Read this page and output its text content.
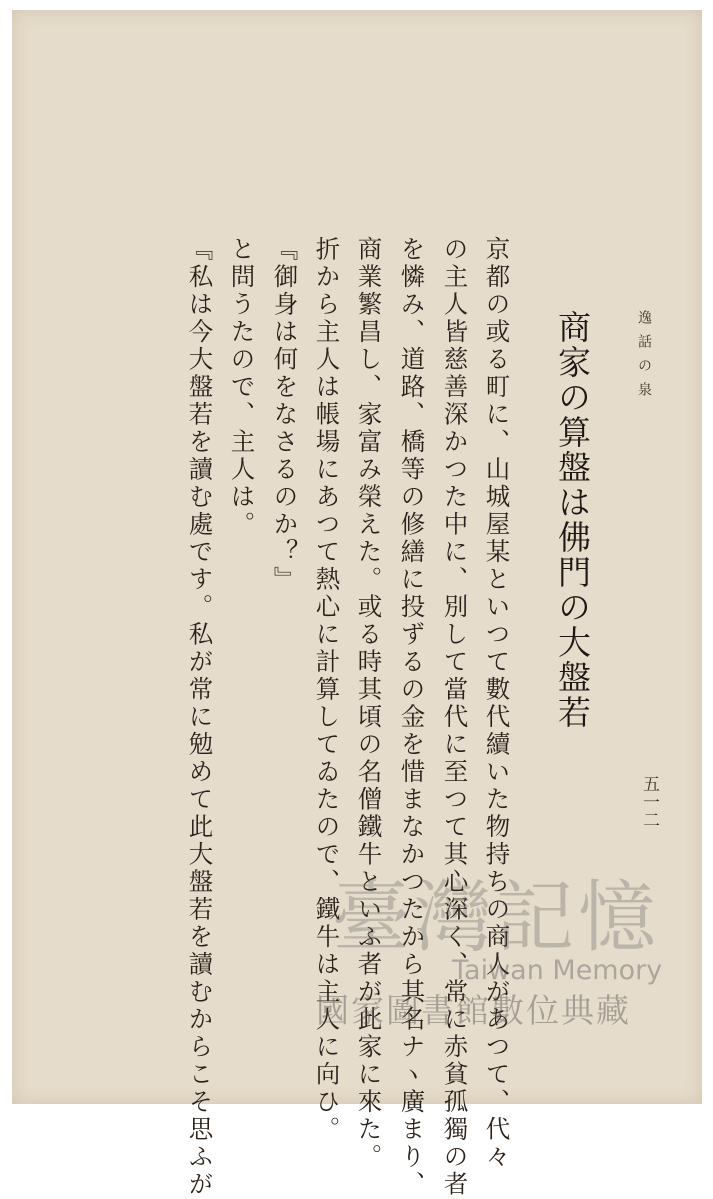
逸話の泉
五一二
商家の算盤は佛門の大盤若
京都の或る町に、山城屋某といつて數代續いた物持ちの商人があつて、代々
の主人皆慈善深かつた中に、別して當代に至つて其心深く、常に赤貧孤獨の者
を憐み、道路、橋等の修繕に投ずるの金を惜まなかつたから其名ナヽ廣まり、
商業繁昌し、家富み榮えた。或る時其頃の名僧鐵牛といふ者が此家に來た。
折から主人は帳場にあつて熱心に計算してゐたので、鐵牛は主人に向ひ。
『御身は何をなさるのか？』
と問うたので、主人は。
『私は今大盤若を讀む處です。私が常に勉めて此大盤若を讀むからこそ思ふが 臺灣記憶
Taiwan Memory
國家圖書館數位典藏
